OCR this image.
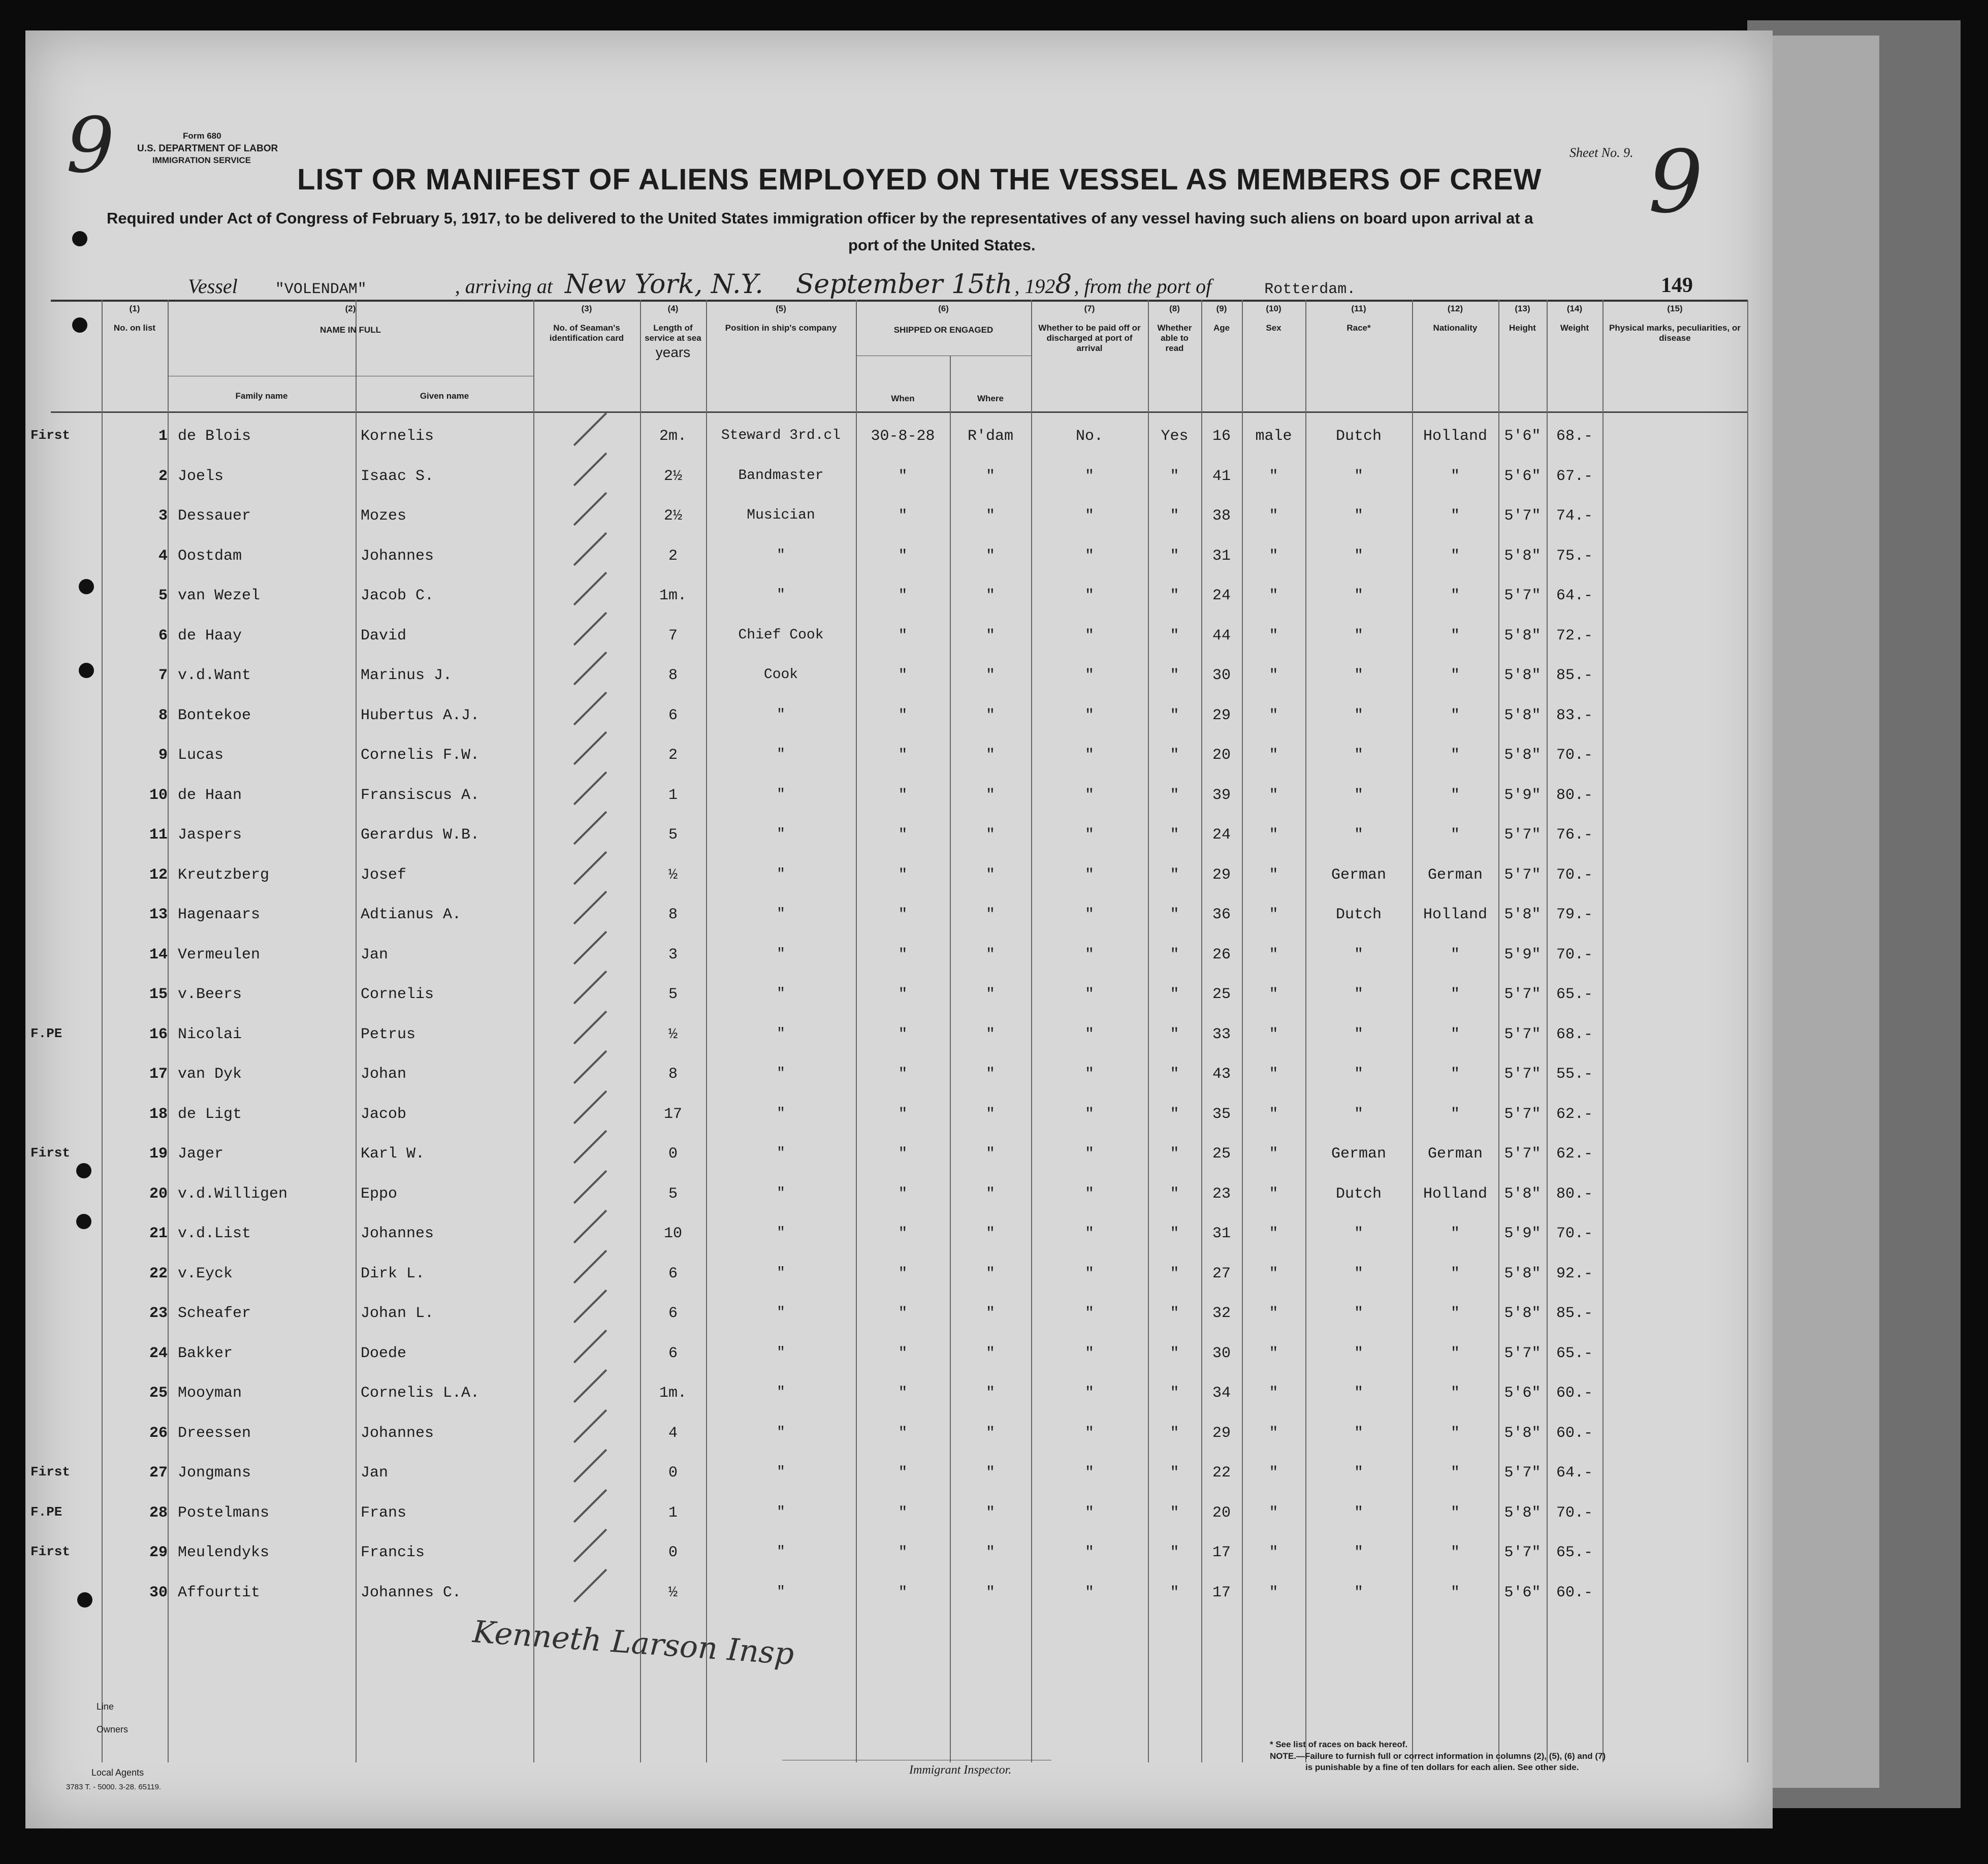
9	Form 680
U.S. DEPARTMENT OF LABOR
IMMIGRATION SERVICE
Sheet No. 9. 9
LIST OR MANIFEST OF ALIENS EMPLOYED ON THE VESSEL AS MEMBERS OF CREW
Required under Act of Congress of February 5, 1917, to be delivered to the United States immigration officer by the representatives of any vessel having such aliens on board upon arrival at a
port of the United States.
Vessel "VOLENDAM"	, arriving at New York, N.Y. September 15th , 1928 , from the port of	Rotterdam.	149
(1)
No. on list
(2)
NAME IN FULL
Family name	Given name
(3)
No. of Seaman's identification card
(4)
Length of service at sea
years
(5)
Position in ship's company
(6)
SHIPPED OR ENGAGED
When	Where
(7)
Whether to be paid off or discharged at port of arrival
(8)
Whether able to read
(9)
Age
(10)
Sex
(11)
Race*
(12)
Nationality
(13)
Height
(14)
Weight
(15)
Physical marks, peculiarities, or disease
First	1 de Blois	Kornelis	2m.	Steward 3rd.cl	30-8-28	R'dam	No.	Yes	16	male	Dutch	Holland	5'6"	68.-
2 Joels	Isaac S.	2½	Bandmaster	"	"	"	"	41	"	"	"	5'6"	67.-
3 Dessauer	Mozes	2½	Musician	"	"	"	"	38	"	"	"	5'7"	74.-
4 Oostdam	Johannes	2	"	"	"	"	"	31	"	"	"	5'8"	75.-
5 van Wezel	Jacob C.	1m.	"	"	"	"	"	24	"	"	"	5'7"	64.-
6 de Haay	David	7	Chief Cook	"	"	"	"	44	"	"	"	5'8"	72.-
7 v.d.Want	Marinus J.	8	Cook	"	"	"	"	30	"	"	"	5'8"	85.-
8 Bontekoe	Hubertus A.J.	6	"	"	"	"	"	29	"	"	"	5'8"	83.-
9 Lucas	Cornelis F.W.	2	"	"	"	"	"	20	"	"	"	5'8"	70.-
10 de Haan	Fransiscus A.	1	"	"	"	"	"	39	"	"	"	5'9"	80.-
11 Jaspers	Gerardus W.B.	5	"	"	"	"	"	24	"	"	"	5'7"	76.-
12 Kreutzberg	Josef	½	"	"	"	"	"	29	"	German	German	5'7"	70.-
13 Hagenaars	Adtianus A.	8	"	"	"	"	"	36	"	Dutch	Holland	5'8"	79.-
14 Vermeulen	Jan	3	"	"	"	"	"	26	"	"	"	5'9"	70.-
15 v.Beers	Cornelis	5	"	"	"	"	"	25	"	"	"	5'7"	65.-
F.PE	16 Nicolai	Petrus	½	"	"	"	"	"	33	"	"	"	5'7"	68.-
17 van Dyk	Johan	8	"	"	"	"	"	43	"	"	"	5'7"	55.-
18 de Ligt	Jacob	17	"	"	"	"	"	35	"	"	"	5'7"	62.-
First	19 Jager	Karl W.	0	"	"	"	"	"	25	"	German	German	5'7"	62.-
20 v.d.Willigen	Eppo	5	"	"	"	"	"	23	"	Dutch	Holland	5'8"	80.-
21 v.d.List	Johannes	10	"	"	"	"	"	31	"	"	"	5'9"	70.-
22 v.Eyck	Dirk L.	6	"	"	"	"	"	27	"	"	"	5'8"	92.-
23 Scheafer	Johan L.	6	"	"	"	"	"	32	"	"	"	5'8"	85.-
24 Bakker	Doede	6	"	"	"	"	"	30	"	"	"	5'7"	65.-
25 Mooyman	Cornelis L.A.	1m.	"	"	"	"	"	34	"	"	"	5'6"	60.-
26 Dreessen	Johannes	4	"	"	"	"	"	29	"	"	"	5'8"	60.-
First	27 Jongmans	Jan	0	"	"	"	"	"	22	"	"	"	5'7"	64.-
F.PE	28 Postelmans	Frans	1	"	"	"	"	"	20	"	"	"	5'8"	70.-
First	29 Meulendyks	Francis	0	"	"	"	"	"	17	"	"	"	5'7"	65.-
30 Affourtit	Johannes C.	½	"	"	"	"	"	17	"	"	"	5'6"	60.-
Kenneth Larson Insp
Line
Owners
Local Agents
3783 T. - 5000. 3-28. 65119.
Immigrant Inspector.
* See list of races on back hereof.
NOTE.—Failure to furnish full or correct information in columns (2), (5), (6) and (7)
is punishable by a fine of ten dollars for each alien. See other side.
